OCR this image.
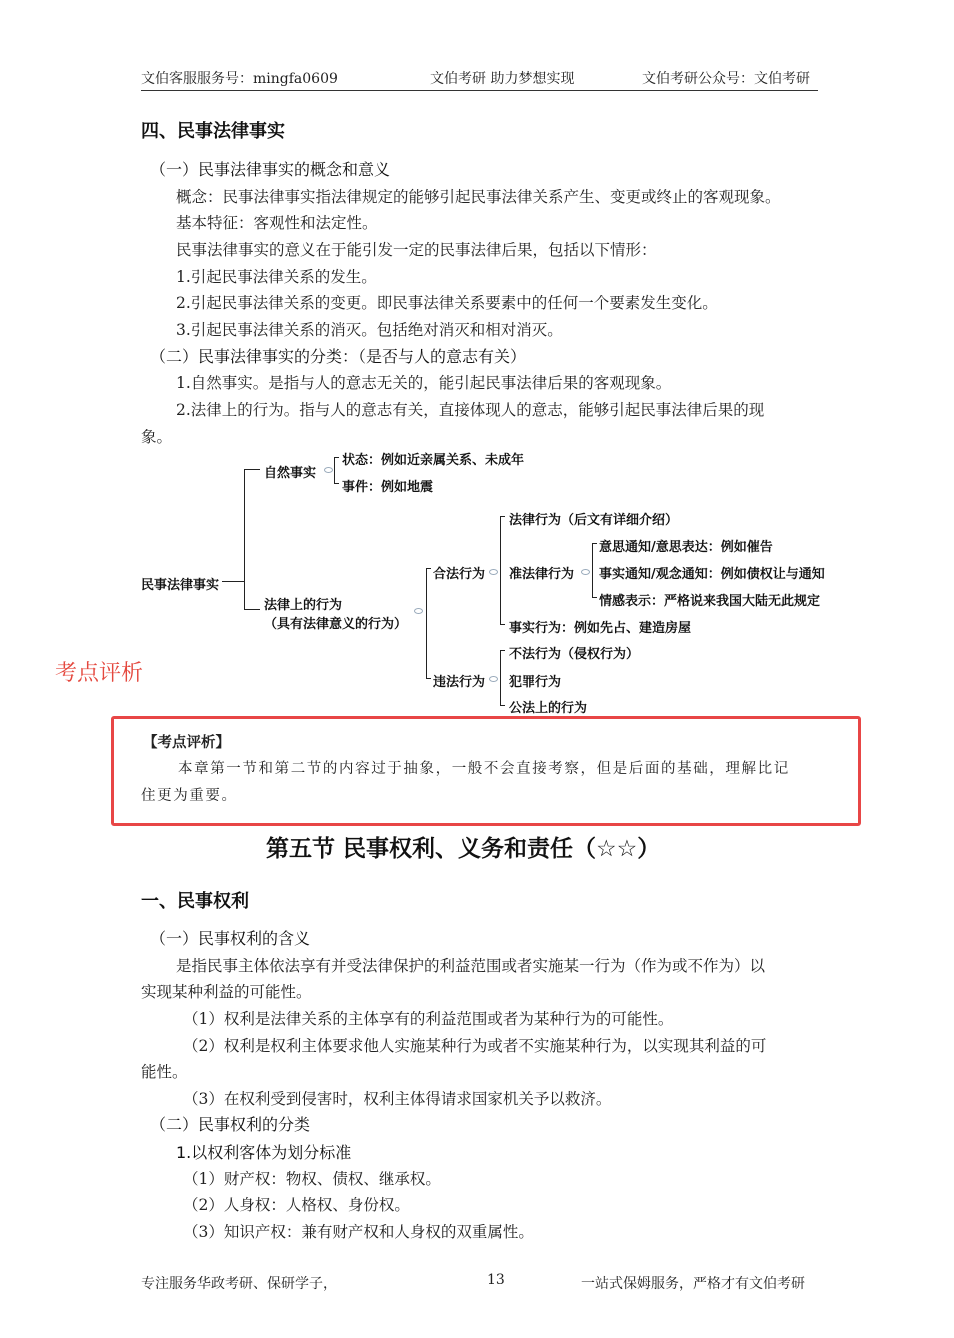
文伯客服服务号：mingfa0609	文伯考研 助力梦想实现	文伯考研公众号：文伯考研
四、民事法律事实
（一）民事法律事实的概念和意义
概念：民事法律事实指法律规定的能够引起民事法律关系产生、变更或终止的客观现象。
基本特征：客观性和法定性。
民事法律事实的意义在于能引发一定的民事法律后果，包括以下情形：
1.引起民事法律关系的发生。
2.引起民事法律关系的变更。即民事法律关系要素中的任何一个要素发生变化。
3.引起民事法律关系的消灭。包括绝对消灭和相对消灭。
（二）民事法律事实的分类：（是否与人的意志有关）
1.自然事实。是指与人的意志无关的，能引起民事法律后果的客观现象。
2.法律上的行为。指与人的意志有关，直接体现人的意志，能够引起民事法律后果的现
象。
民事法律事实
自然事实
状态：例如近亲属关系、未成年
事件：例如地震
法律上的行为
（具有法律意义的行为）
合法行为
法律行为（后文有详细介绍）
准法律行为
意思通知/意思表达：例如催告
事实通知/观念通知：例如债权让与通知
情感表示：严格说来我国大陆无此规定
事实行为：例如先占、建造房屋
违法行为
不法行为（侵权行为）
犯罪行为
公法上的行为
考点评析
【考点评析】
本章第一节和第二节的内容过于抽象，一般不会直接考察，但是后面的基础，理解比记
住更为重要。
第五节 民事权利、义务和责任（☆☆）
一、民事权利
（一）民事权利的含义
是指民事主体依法享有并受法律保护的利益范围或者实施某一行为（作为或不作为）以
实现某种利益的可能性。
（1）权利是法律关系的主体享有的利益范围或者为某种行为的可能性。
（2）权利是权利主体要求他人实施某种行为或者不实施某种行为，以实现其利益的可
能性。
（3）在权利受到侵害时，权利主体得请求国家机关予以救济。
（二）民事权利的分类
1.以权利客体为划分标准
（1）财产权：物权、债权、继承权。
（2）人身权：人格权、身份权。
（3）知识产权：兼有财产权和人身权的双重属性。
专注服务华政考研、保研学子，	13	一站式保姆服务，严格才有文伯考研
